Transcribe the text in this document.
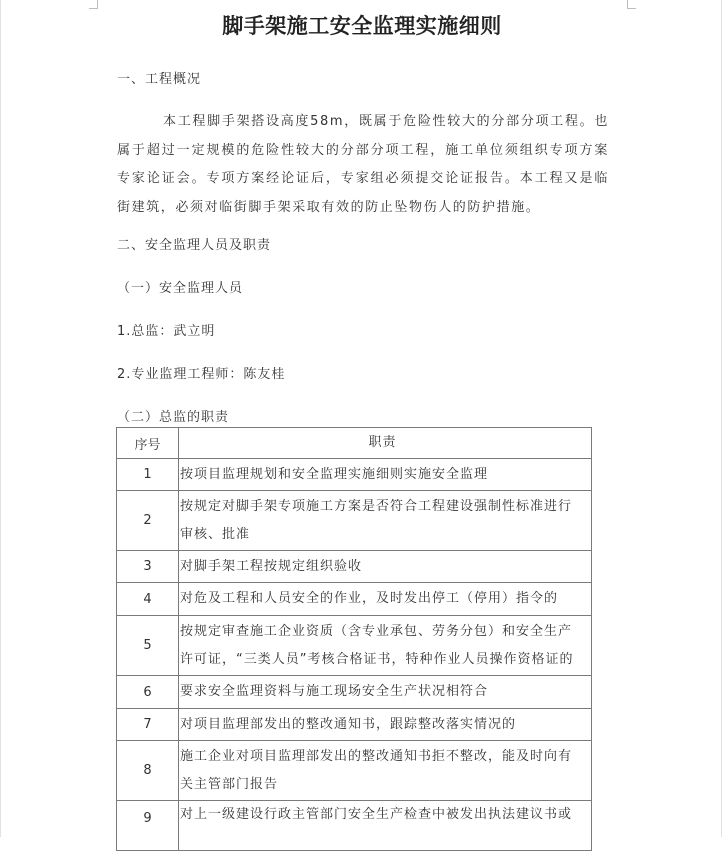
脚手架施工安全监理实施细则
一、工程概况
本工程脚手架搭设高度58m，既属于危险性较大的分部分项工程。也属于超过一定规模的危险性较大的分部分项工程，施工单位须组织专项方案专家论证会。专项方案经论证后，专家组必须提交论证报告。本工程又是临街建筑，必须对临街脚手架采取有效的防止坠物伤人的防护措施。
二、安全监理人员及职责
（一）安全监理人员
1.总监：武立明
2.专业监理工程师：陈友桂
（二）总监的职责
序号	职责
1	按项目监理规划和安全监理实施细则实施安全监理
2	按规定对脚手架专项施工方案是否符合工程建设强制性标准进行审核、批准
3	对脚手架工程按规定组织验收
4	对危及工程和人员安全的作业，及时发出停工（停用）指令的
5	按规定审查施工企业资质（含专业承包、劳务分包）和安全生产许可证，“三类人员”考核合格证书，特种作业人员操作资格证的
6	要求安全监理资料与施工现场安全生产状况相符合
7	对项目监理部发出的整改通知书，跟踪整改落实情况的
8	施工企业对项目监理部发出的整改通知书拒不整改，能及时向有关主管部门报告
9	对上一级建设行政主管部门安全生产检查中被发出执法建议书或
